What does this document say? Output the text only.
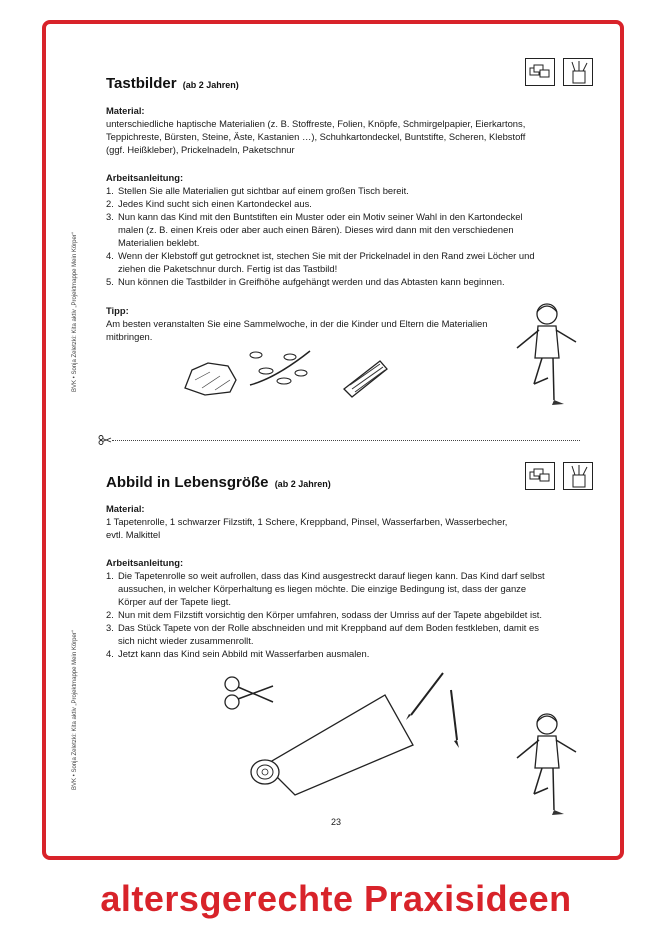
BVK • Sonja Zeletzki: Kita aktiv „Projektmappe Mein Körper“
BVK • Sonja Zeletzki: Kita aktiv „Projektmappe Mein Körper“
Tastbilder (ab 2 Jahren)
Material:
unterschiedliche haptische Materialien (z. B. Stoffreste, Folien, Knöpfe, Schmirgelpapier, Eierkartons, Teppichreste, Bürsten, Steine, Äste, Kastanien …), Schuhkartondeckel, Buntstifte, Scheren, Klebstoff (ggf. Heißkleber), Prickelnadeln, Paketschnur
Arbeitsanleitung:
1. Stellen Sie alle Materialien gut sichtbar auf einem großen Tisch bereit.
2. Jedes Kind sucht sich einen Kartondeckel aus.
3. Nun kann das Kind mit den Buntstiften ein Muster oder ein Motiv seiner Wahl in den Kartondeckel malen (z. B. einen Kreis oder aber auch einen Bären). Dieses wird dann mit den verschiedenen Materialien beklebt.
4. Wenn der Klebstoff gut getrocknet ist, stechen Sie mit der Prickelnadel in den Rand zwei Löcher und ziehen die Paketschnur durch. Fertig ist das Tastbild!
5. Nun können die Tastbilder in Greifhöhe aufgehängt werden und das Abtasten kann beginnen.
Tipp:
Am besten veranstalten Sie eine Sammelwoche, in der die Kinder und Eltern die Materialien mitbringen.
Abbild in Lebensgröße (ab 2 Jahren)
Material:
1 Tapetenrolle, 1 schwarzer Filzstift, 1 Schere, Kreppband, Pinsel, Wasserfarben, Wasserbecher, evtl. Malkittel
Arbeitsanleitung:
1. Die Tapetenrolle so weit aufrollen, dass das Kind ausgestreckt darauf liegen kann. Das Kind darf selbst aussuchen, in welcher Körperhaltung es liegen möchte. Die einzige Bedingung ist, dass der ganze Körper auf der Tapete liegt.
2. Nun mit dem Filzstift vorsichtig den Körper umfahren, sodass der Umriss auf der Tapete abgebildet ist.
3. Das Stück Tapete von der Rolle abschneiden und mit Kreppband auf dem Boden festkleben, damit es sich nicht wieder zusammenrollt.
4. Jetzt kann das Kind sein Abbild mit Wasserfarben ausmalen.
23
altersgerechte Praxisideen
